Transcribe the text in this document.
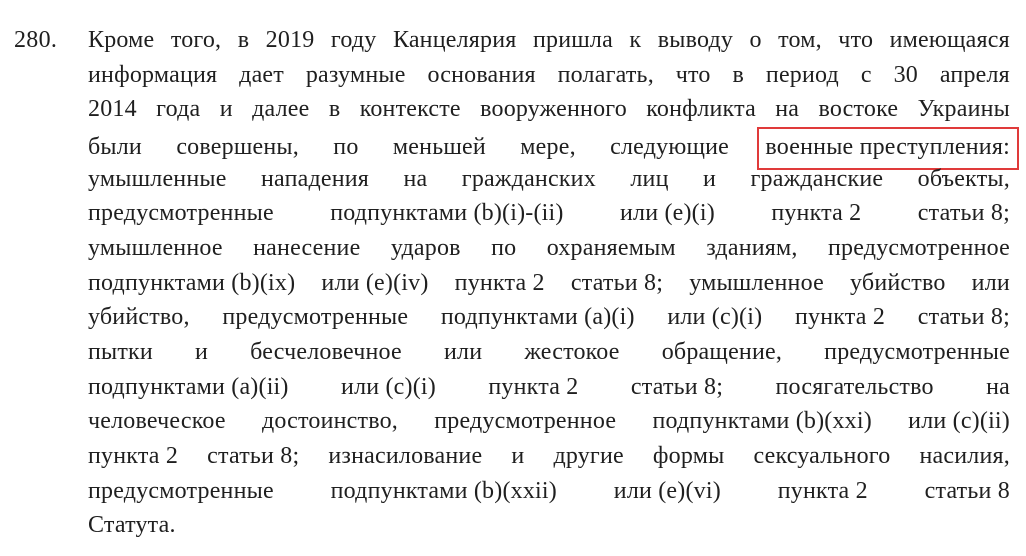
280.	Кроме того, в 2019 году Канцелярия пришла к выводу о том, что имеющаяся
информация дает разумные основания полагать, что в период с 30 апреля
2014 года и далее в контексте вооруженного конфликта на востоке Украины
были совершены, по меньшей мере, следующие	военные преступления:
умышленные нападения на гражданских лиц и гражданские объекты,
предусмотренные подпунктами (b)(i)-(ii) или (e)(i) пункта 2 статьи 8;
умышленное нанесение ударов по охраняемым зданиям, предусмотренное
подпунктами (b)(ix) или (e)(iv) пункта 2 статьи 8; умышленное убийство или
убийство, предусмотренные подпунктами (a)(i) или (c)(i) пункта 2 статьи 8;
пытки и бесчеловечное или жестокое обращение, предусмотренные
подпунктами (a)(ii) или (c)(i) пункта 2 статьи 8; посягательство на
человеческое достоинство, предусмотренное подпунктами (b)(xxi) или (c)(ii)
пункта 2 статьи 8; изнасилование и другие формы сексуального насилия,
предусмотренные подпунктами (b)(xxii) или (e)(vi) пункта 2 статьи 8
Статута.
